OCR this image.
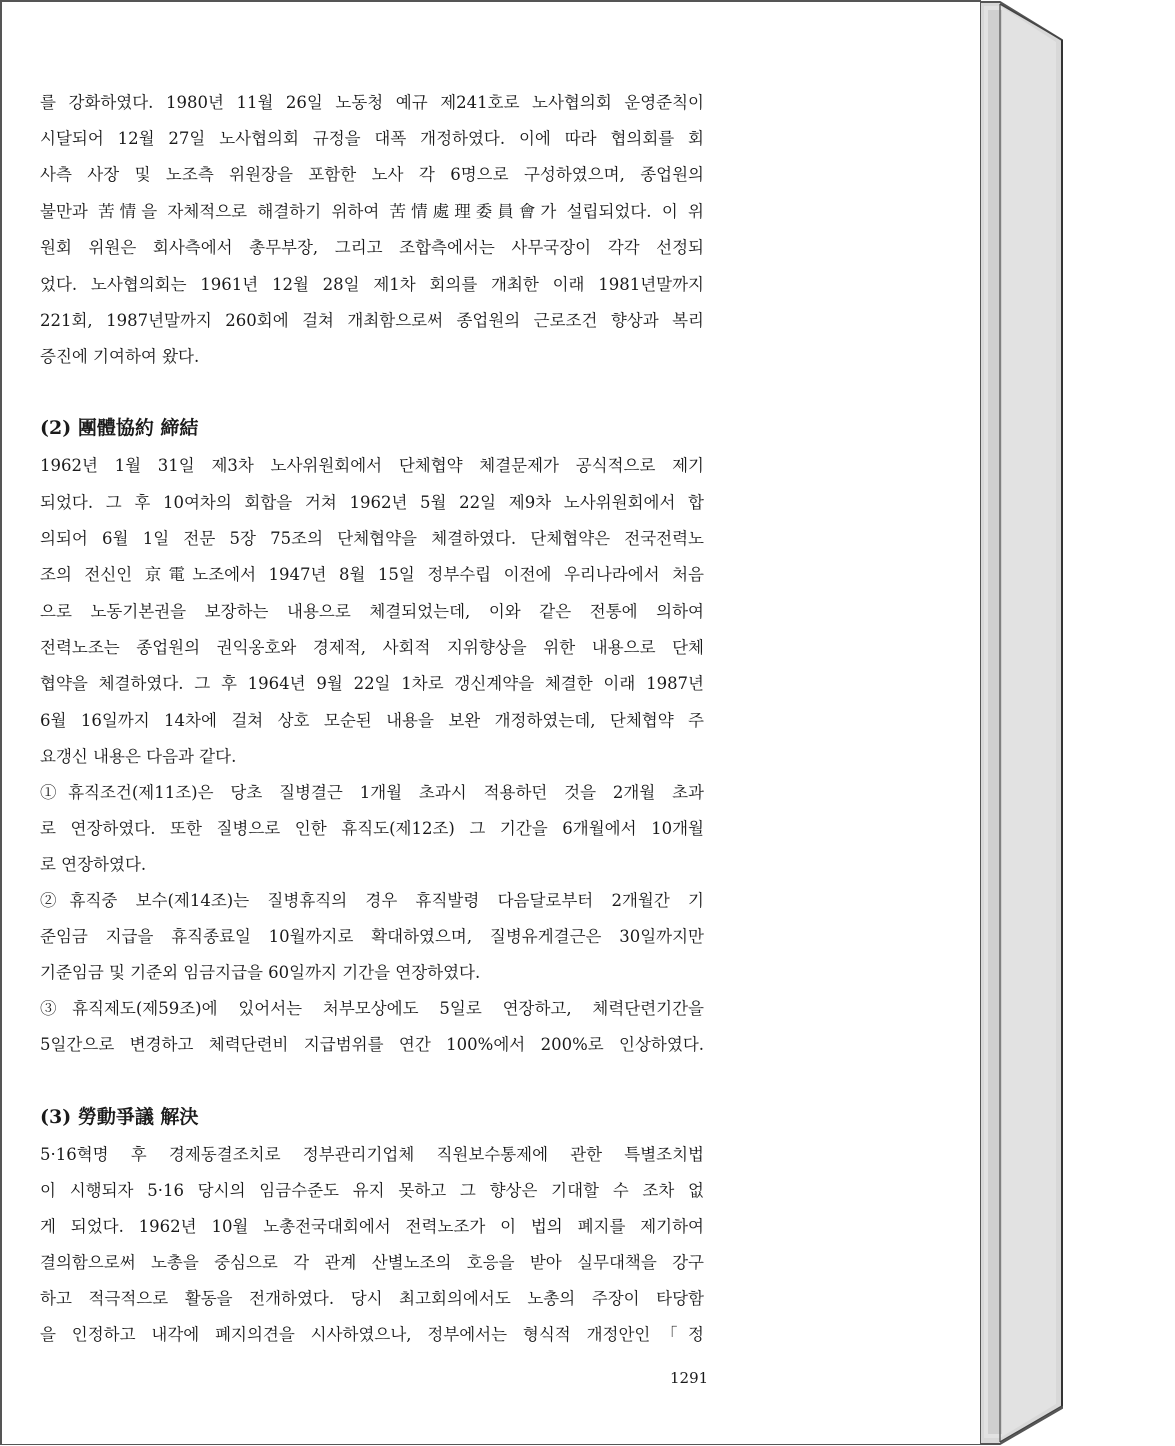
를 강화하였다. 1980년 11월 26일 노동청 예규 제241호로 노사협의회 운영준칙이
시달되어 12월 27일 노사협의회 규정을 대폭 개정하였다. 이에 따라 협의회를 회
사측 사장 및 노조측 위원장을 포함한 노사 각 6명으로 구성하였으며, 종업원의
불만과 苦情을 자체적으로 해결하기 위하여 苦情處理委員會가 설립되었다. 이 위
원회 위원은 회사측에서 총무부장, 그리고 조합측에서는 사무국장이 각각 선정되
었다. 노사협의회는 1961년 12월 28일 제1차 회의를 개최한 이래 1981년말까지
221회, 1987년말까지 260회에 걸쳐 개최함으로써 종업원의 근로조건 향상과 복리
증진에 기여하여 왔다.
(2) 團體協約 締結
1962년 1월 31일 제3차 노사위원회에서 단체협약 체결문제가 공식적으로 제기
되었다. 그 후 10여차의 회합을 거쳐 1962년 5월 22일 제9차 노사위원회에서 합
의되어 6월 1일 전문 5장 75조의 단체협약을 체결하였다. 단체협약은 전국전력노
조의 전신인 京電노조에서 1947년 8월 15일 정부수립 이전에 우리나라에서 처음
으로 노동기본권을 보장하는 내용으로 체결되었는데, 이와 같은 전통에 의하여
전력노조는 종업원의 권익옹호와 경제적, 사회적 지위향상을 위한 내용으로 단체
협약을 체결하였다. 그 후 1964년 9월 22일 1차로 갱신계약을 체결한 이래 1987년
6월 16일까지 14차에 걸쳐 상호 모순된 내용을 보완 개정하였는데, 단체협약 주
요갱신 내용은 다음과 같다.
①휴직조건(제11조)은 당초 질병결근 1개월 초과시 적용하던 것을 2개월 초과
로 연장하였다. 또한 질병으로 인한 휴직도(제12조) 그 기간을 6개월에서 10개월
로 연장하였다.
②휴직중 보수(제14조)는 질병휴직의 경우 휴직발령 다음달로부터 2개월간 기
준임금 지급을 휴직종료일 10월까지로 확대하였으며, 질병유게결근은 30일까지만
기준임금 및 기준외 임금지급을 60일까지 기간을 연장하였다.
③휴직제도(제59조)에 있어서는 처부모상에도 5일로 연장하고, 체력단련기간을
5일간으로 변경하고 체력단련비 지급범위를 연간 100%에서 200%로 인상하였다.
(3) 勞動爭議 解決
5·16혁명 후 경제동결조치로 정부관리기업체 직원보수통제에 관한 특별조치법
이 시행되자 5·16 당시의 임금수준도 유지 못하고 그 향상은 기대할 수 조차 없
게 되었다. 1962년 10월 노총전국대회에서 전력노조가 이 법의 폐지를 제기하여
결의함으로써 노총을 중심으로 각 관계 산별노조의 호응을 받아 실무대책을 강구
하고 적극적으로 활동을 전개하였다. 당시 최고회의에서도 노총의 주장이 타당함
을 인정하고 내각에 폐지의견을 시사하였으나, 정부에서는 형식적 개정안인「정
1291
